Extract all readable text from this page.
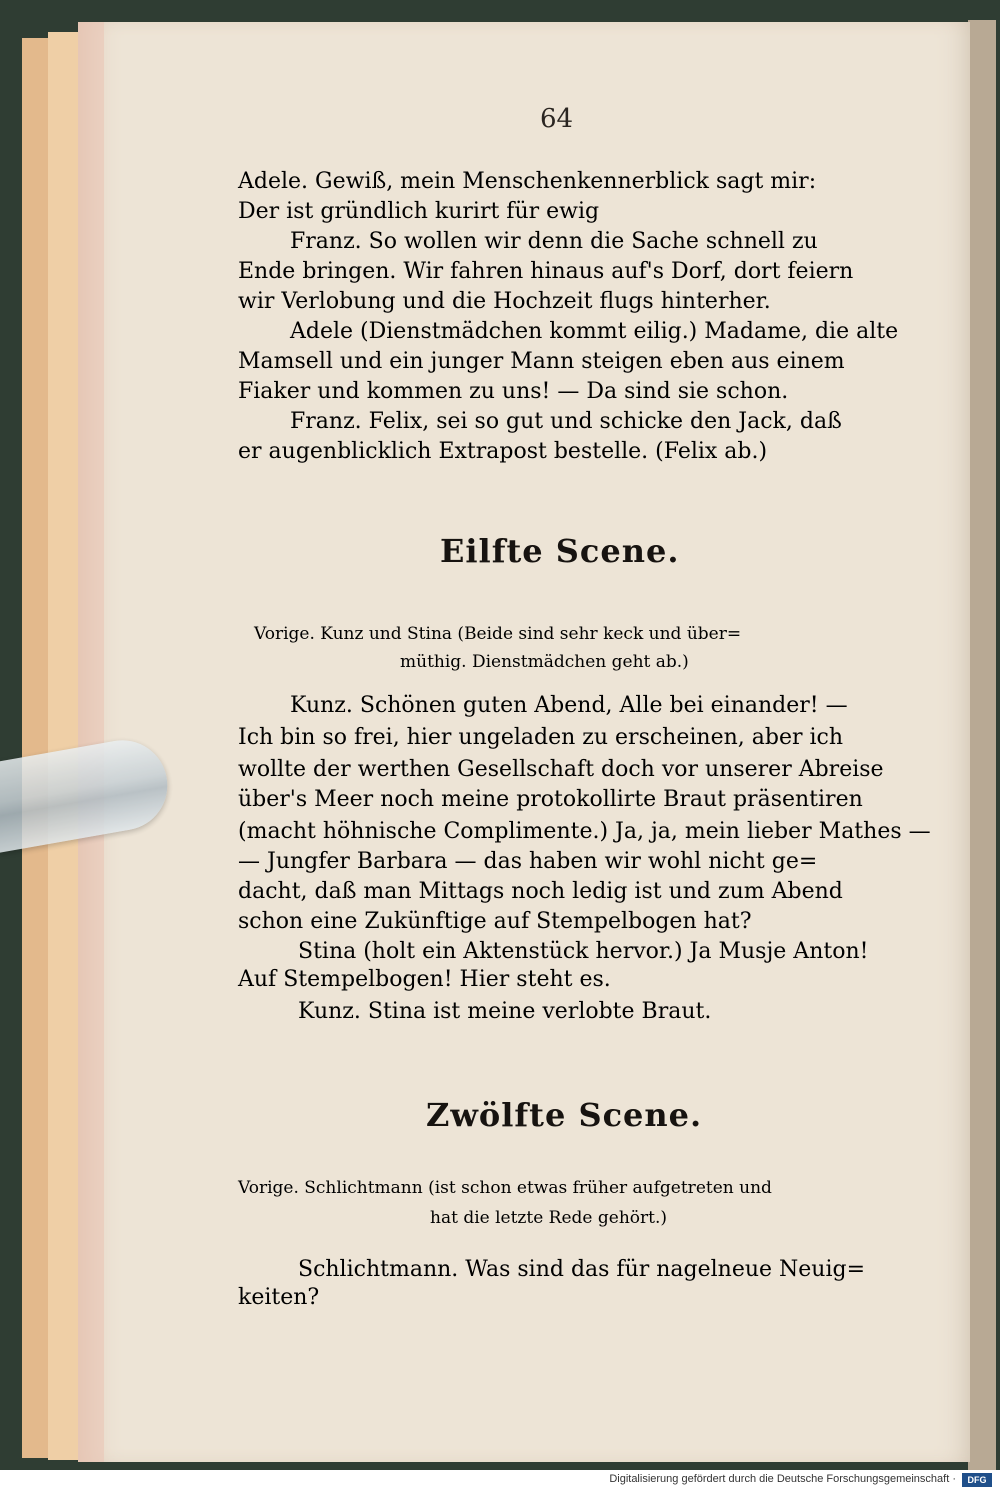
64
Adele. Gewiß, mein Menschenkennerblick sagt mir:
Der ist gründlich kurirt für ewig
Franz. So wollen wir denn die Sache schnell zu
Ende bringen. Wir fahren hinaus auf's Dorf, dort feiern
wir Verlobung und die Hochzeit flugs hinterher.
Adele (Dienstmädchen kommt eilig.) Madame, die alte
Mamsell und ein junger Mann steigen eben aus einem
Fiaker und kommen zu uns! — Da sind sie schon.
Franz. Felix, sei so gut und schicke den Jack, daß
er augenblicklich Extrapost bestelle. (Felix ab.)
Eilfte Scene.
Vorige. Kunz und Stina (Beide sind sehr keck und über=
müthig. Dienstmädchen geht ab.)
Kunz. Schönen guten Abend, Alle bei einander! —
Ich bin so frei, hier ungeladen zu erscheinen, aber ich
wollte der werthen Gesellschaft doch vor unserer Abreise
über's Meer noch meine protokollirte Braut präsentiren
(macht höhnische Complimente.) Ja, ja, mein lieber Mathes —
— Jungfer Barbara — das haben wir wohl nicht ge=
dacht, daß man Mittags noch ledig ist und zum Abend
schon eine Zukünftige auf Stempelbogen hat?
Stina (holt ein Aktenstück hervor.) Ja Musje Anton!
Auf Stempelbogen! Hier steht es.
Kunz. Stina ist meine verlobte Braut.
Zwölfte Scene.
Vorige. Schlichtmann (ist schon etwas früher aufgetreten und
hat die letzte Rede gehört.)
Schlichtmann. Was sind das für nagelneue Neuig=
keiten?
Digitalisierung gefördert durch die Deutsche Forschungsgemeinschaft ·	DFG
